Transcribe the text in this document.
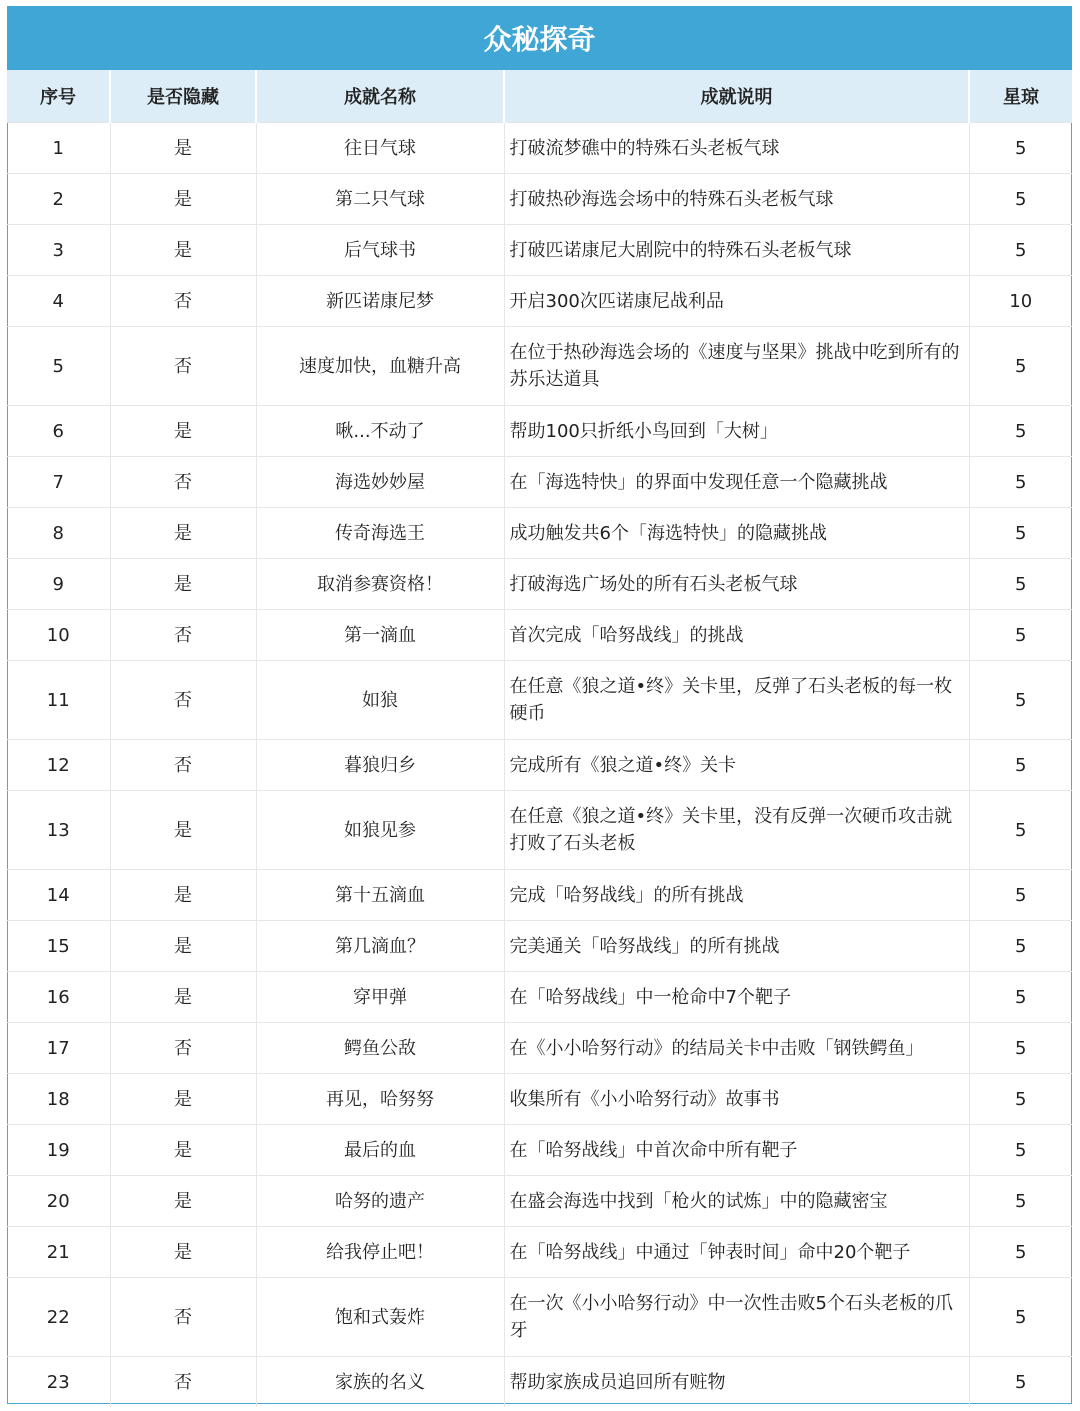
众秘探奇
序号	是否隐藏	成就名称	成就说明	星琼
1	是	往日气球	打破流梦礁中的特殊石头老板气球	5
2	是	第二只气球	打破热砂海选会场中的特殊石头老板气球	5
3	是	后气球书	打破匹诺康尼大剧院中的特殊石头老板气球	5
4	否	新匹诺康尼梦	开启300次匹诺康尼战利品	10
5	否	速度加快，血糖升高	在位于热砂海选会场的《速度与坚果》挑战中吃到所有的苏乐达道具	5
6	是	啾...不动了	帮助100只折纸小鸟回到「大树」	5
7	否	海选妙妙屋	在「海选特快」的界面中发现任意一个隐藏挑战	5
8	是	传奇海选王	成功触发共6个「海选特快」的隐藏挑战	5
9	是	取消参赛资格！	打破海选广场处的所有石头老板气球	5
10	否	第一滴血	首次完成「哈努战线」的挑战	5
11	否	如狼	在任意《狼之道•终》关卡里，反弹了石头老板的每一枚硬币	5
12	否	暮狼归乡	完成所有《狼之道•终》关卡	5
13	是	如狼见参	在任意《狼之道•终》关卡里，没有反弹一次硬币攻击就打败了石头老板	5
14	是	第十五滴血	完成「哈努战线」的所有挑战	5
15	是	第几滴血？	完美通关「哈努战线」的所有挑战	5
16	是	穿甲弹	在「哈努战线」中一枪命中7个靶子	5
17	否	鳄鱼公敌	在《小小哈努行动》的结局关卡中击败「钢铁鳄鱼」	5
18	是	再见，哈努努	收集所有《小小哈努行动》故事书	5
19	是	最后的血	在「哈努战线」中首次命中所有靶子	5
20	是	哈努的遗产	在盛会海选中找到「枪火的试炼」中的隐藏密宝	5
21	是	给我停止吧！	在「哈努战线」中通过「钟表时间」命中20个靶子	5
22	否	饱和式轰炸	在一次《小小哈努行动》中一次性击败5个石头老板的爪牙	5
23	否	家族的名义	帮助家族成员追回所有赃物	5
